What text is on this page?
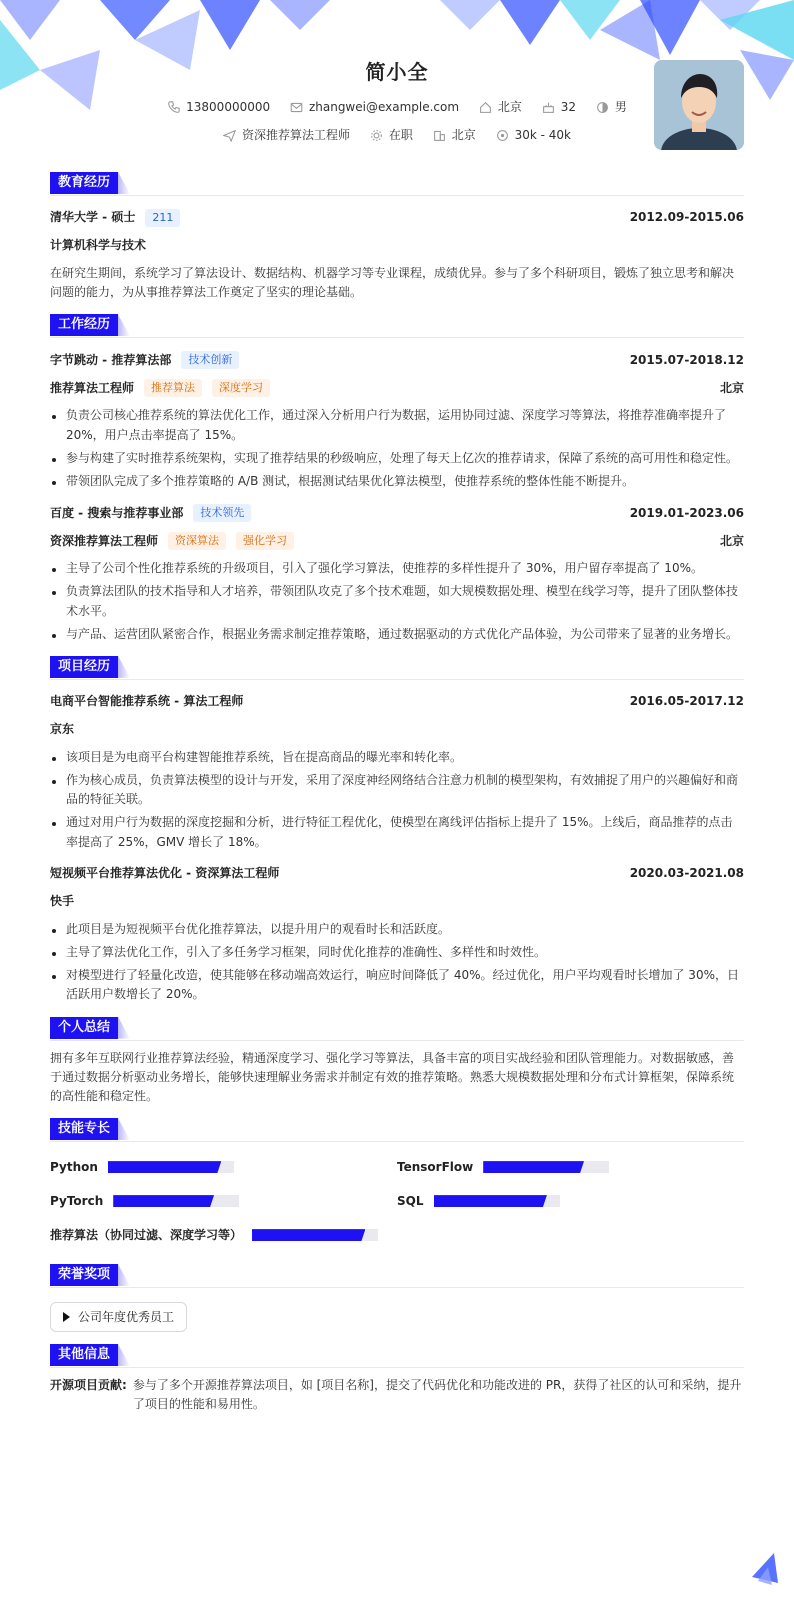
简小全
13800000000
	zhangwei@example.com
	北京
	32
	男
资深推荐算法工程师
	在职
	北京
	30k - 40k
教育经历
清华大学 - 硕士	211	2012.09-2015.06
计算机科学与技术
在研究生期间，系统学习了算法设计、数据结构、机器学习等专业课程，成绩优异。参与了多个科研项目，锻炼了独立思考和解决问题的能力，为从事推荐算法工作奠定了坚实的理论基础。
工作经历
字节跳动 - 推荐算法部	技术创新	2015.07-2018.12
推荐算法工程师	推荐算法	深度学习	北京
负责公司核心推荐系统的算法优化工作，通过深入分析用户行为数据，运用协同过滤、深度学习等算法，将推荐准确率提升了 20%，用户点击率提高了 15%。
参与构建了实时推荐系统架构，实现了推荐结果的秒级响应，处理了每天上亿次的推荐请求，保障了系统的高可用性和稳定性。
带领团队完成了多个推荐策略的 A/B 测试，根据测试结果优化算法模型，使推荐系统的整体性能不断提升。
百度 - 搜索与推荐事业部	技术领先	2019.01-2023.06
资深推荐算法工程师	资深算法	强化学习	北京
主导了公司个性化推荐系统的升级项目，引入了强化学习算法，使推荐的多样性提升了 30%，用户留存率提高了 10%。
负责算法团队的技术指导和人才培养，带领团队攻克了多个技术难题，如大规模数据处理、模型在线学习等，提升了团队整体技术水平。
与产品、运营团队紧密合作，根据业务需求制定推荐策略，通过数据驱动的方式优化产品体验，为公司带来了显著的业务增长。
项目经历
电商平台智能推荐系统 - 算法工程师	2016.05-2017.12
京东
该项目是为电商平台构建智能推荐系统，旨在提高商品的曝光率和转化率。
作为核心成员，负责算法模型的设计与开发，采用了深度神经网络结合注意力机制的模型架构，有效捕捉了用户的兴趣偏好和商品的特征关联。
通过对用户行为数据的深度挖掘和分析，进行特征工程优化，使模型在离线评估指标上提升了 15%。上线后，商品推荐的点击率提高了 25%，GMV 增长了 18%。
短视频平台推荐算法优化 - 资深算法工程师	2020.03-2021.08
快手
此项目是为短视频平台优化推荐算法，以提升用户的观看时长和活跃度。
主导了算法优化工作，引入了多任务学习框架，同时优化推荐的准确性、多样性和时效性。
对模型进行了轻量化改造，使其能够在移动端高效运行，响应时间降低了 40%。经过优化，用户平均观看时长增加了 30%，日活跃用户数增长了 20%。
个人总结
拥有多年互联网行业推荐算法经验，精通深度学习、强化学习等算法，具备丰富的项目实战经验和团队管理能力。对数据敏感，善于通过数据分析驱动业务增长，能够快速理解业务需求并制定有效的推荐策略。熟悉大规模数据处理和分布式计算框架，保障系统的高性能和稳定性。
技能专长
Python	TensorFlow
PyTorch	SQL
推荐算法（协同过滤、深度学习等）
荣誉奖项
公司年度优秀员工
其他信息
开源项目贡献: 参与了多个开源推荐算法项目，如 [项目名称]，提交了代码优化和功能改进的 PR，获得了社区的认可和采纳，提升了项目的性能和易用性。
